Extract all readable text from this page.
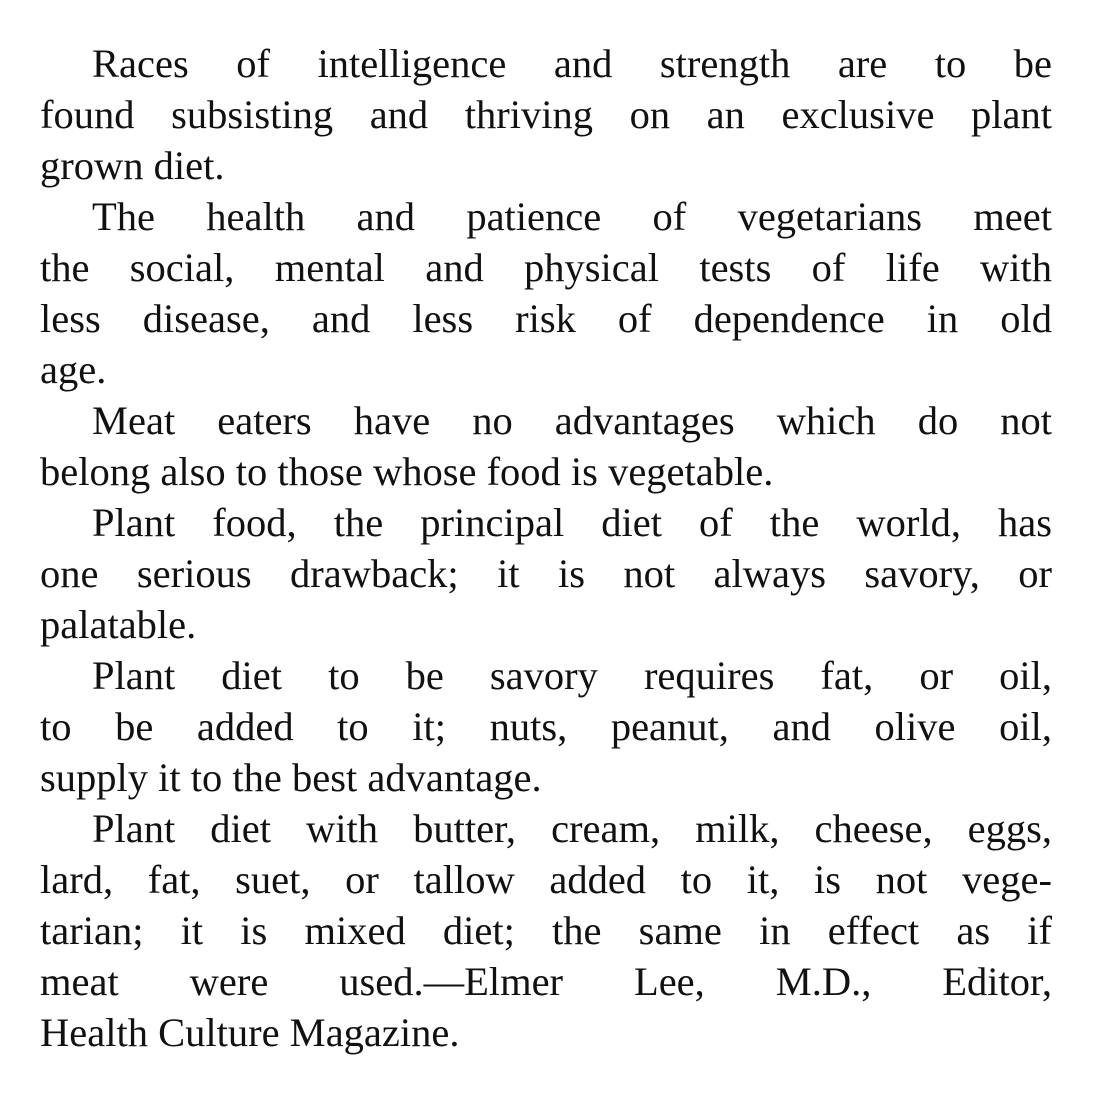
Races of intelligence and strength are to be
found subsisting and thriving on an exclusive plant
grown diet.

The health and patience of vegetarians meet
the social, mental and physical tests of life with
less disease, and less risk of dependence in old
age.

Meat eaters have no advantages which do not
belong also to those whose food is vegetable.

Plant food, the principal diet of the world, has
one serious drawback; it is not always savory, or
palatable.

Plant diet to be savory requires fat, or oil,
to be added to it; nuts, peanut, and olive oil,
supply it to the best advantage.

Plant diet with butter, cream, milk, cheese, eggs,
lard, fat, suet, or tallow added to it, is not vege-
tarian; it is mixed diet; the same in effect as if
meat were used.—Elmer Lee, M.D., Editor,
Health Culture Magazine.
